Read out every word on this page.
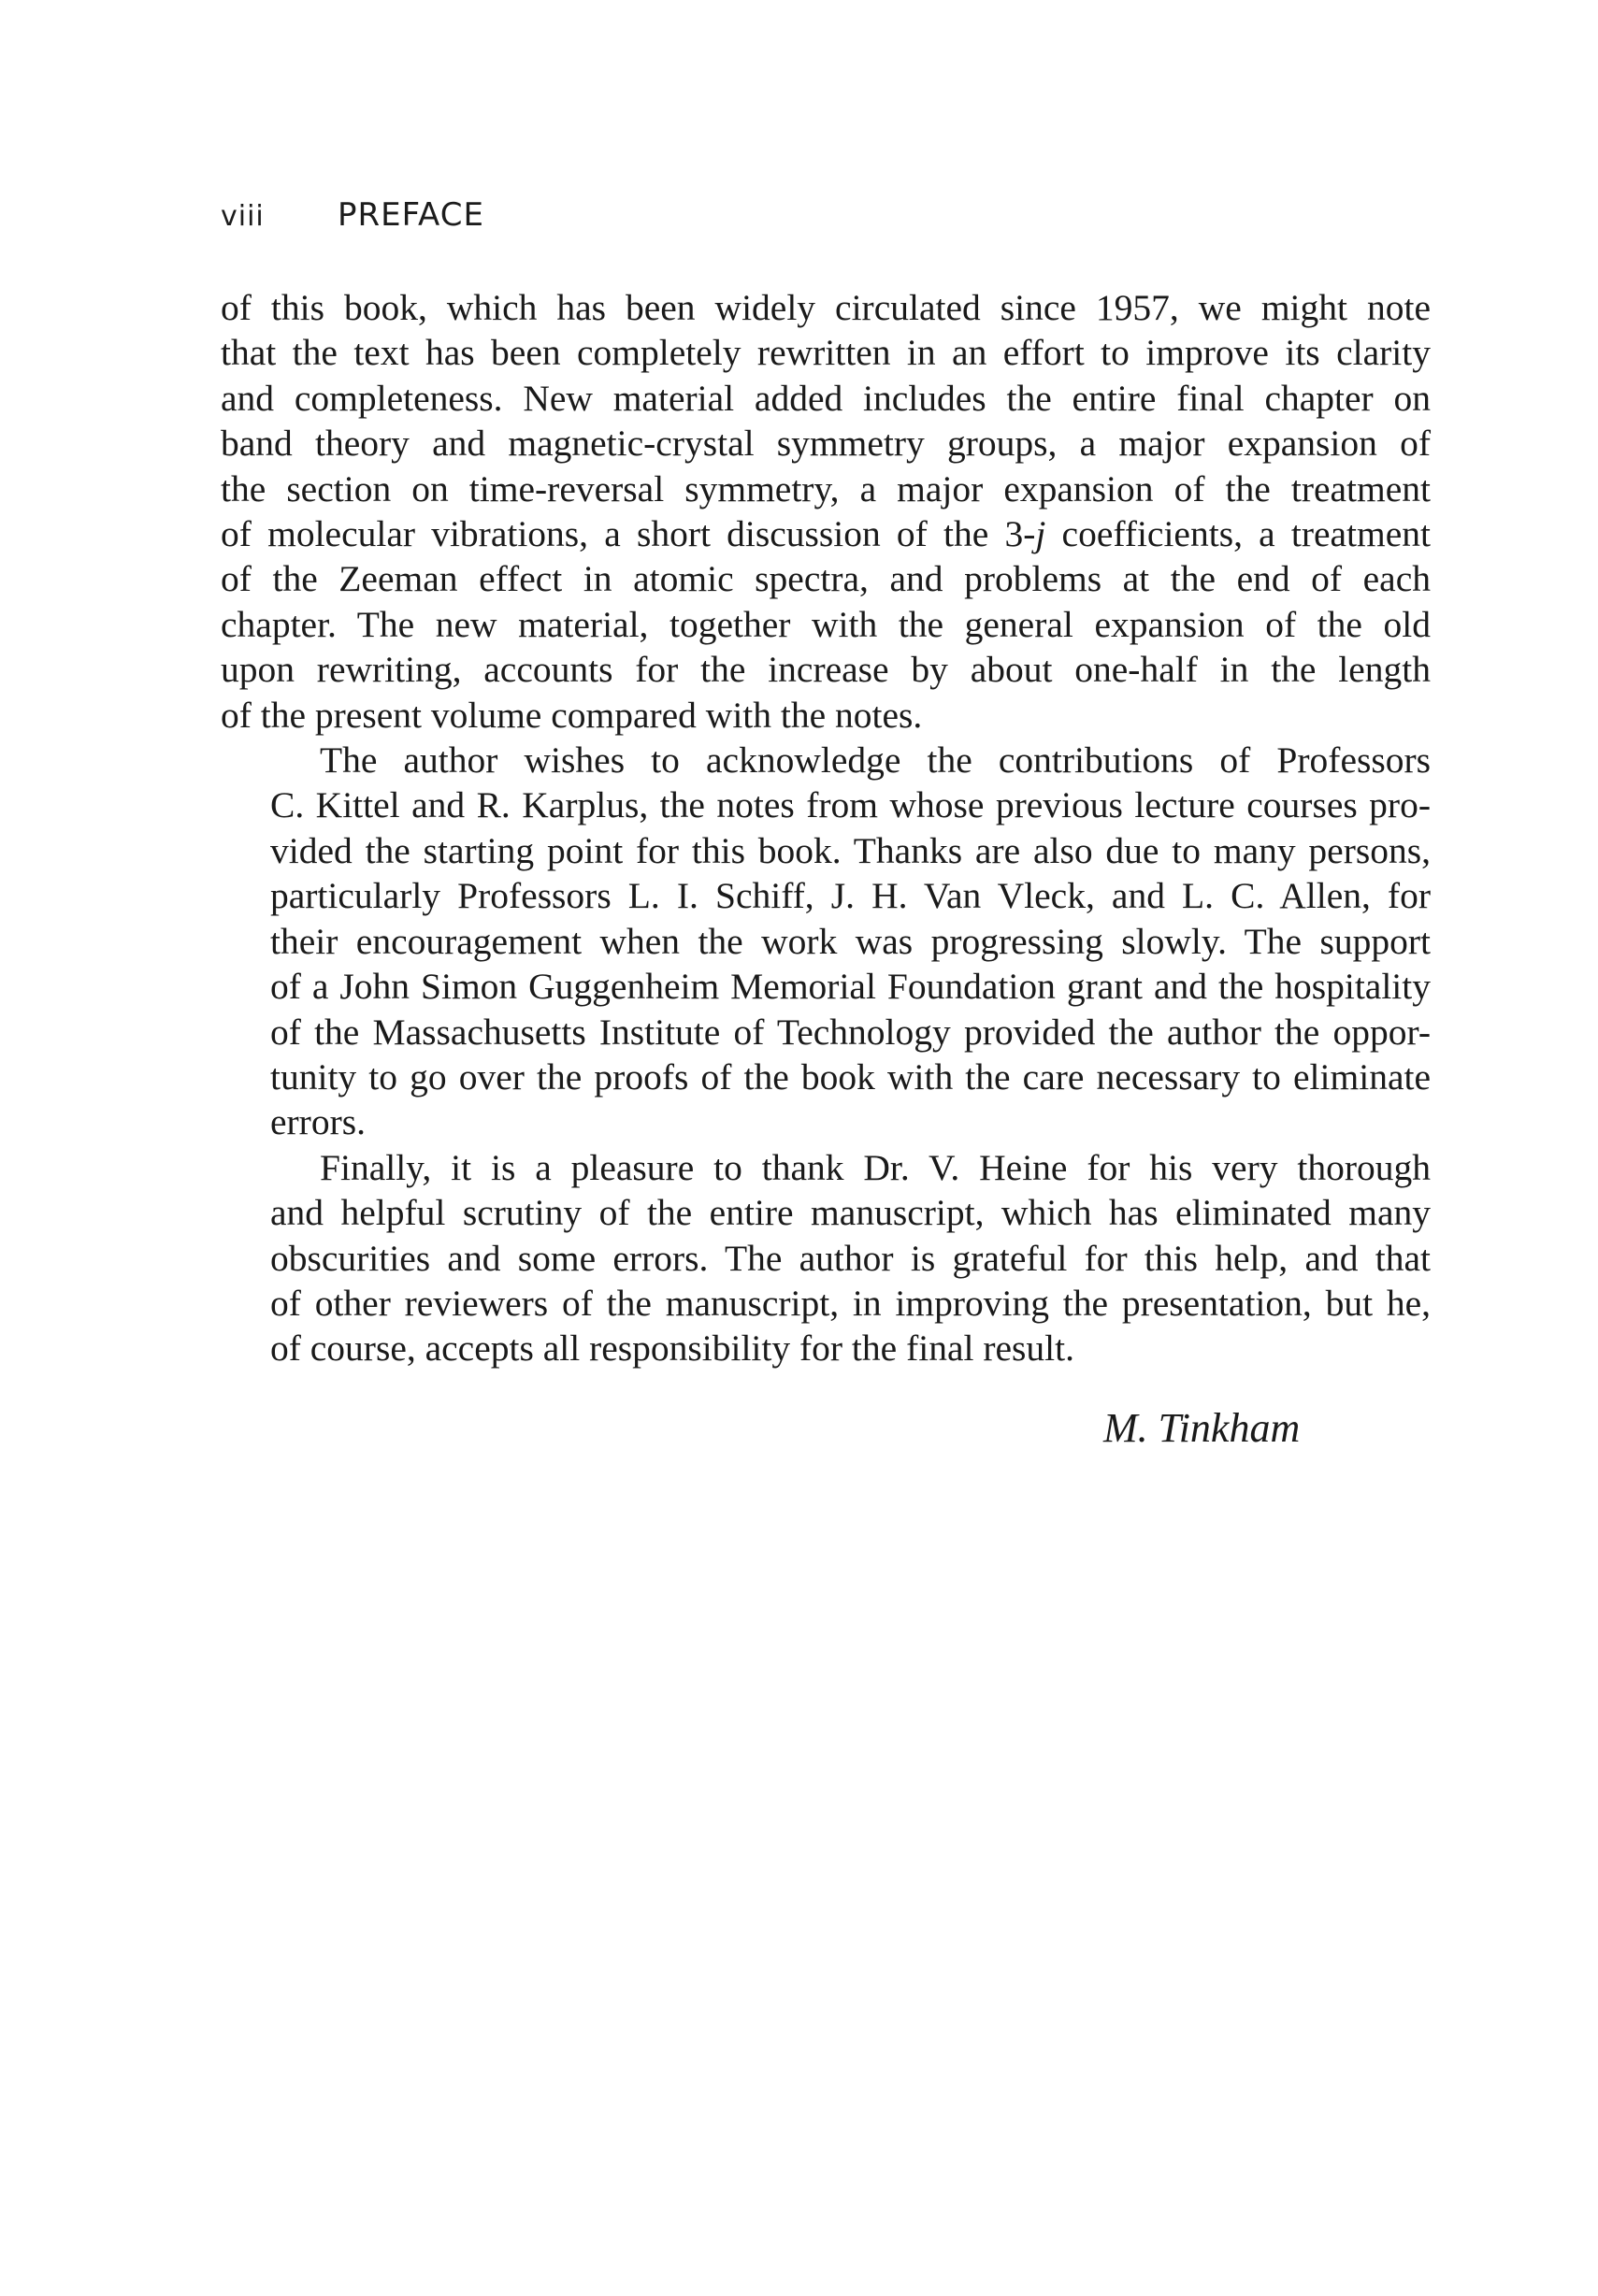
viii PREFACE
of this book, which has been widely circulated since 1957, we might note
that the text has been completely rewritten in an effort to improve its clarity
and completeness. New material added includes the entire final chapter on
band theory and magnetic-crystal symmetry groups, a major expansion of
the section on time-reversal symmetry, a major expansion of the treatment
of molecular vibrations, a short discussion of the 3-j coefficients, a treatment
of the Zeeman effect in atomic spectra, and problems at the end of each
chapter. The new material, together with the general expansion of the old
upon rewriting, accounts for the increase by about one-half in the length
of the present volume compared with the notes.
The author wishes to acknowledge the contributions of Professors
C. Kittel and R. Karplus, the notes from whose previous lecture courses pro-
vided the starting point for this book. Thanks are also due to many persons,
particularly Professors L. I. Schiff, J. H. Van Vleck, and L. C. Allen, for
their encouragement when the work was progressing slowly. The support
of a John Simon Guggenheim Memorial Foundation grant and the hospitality
of the Massachusetts Institute of Technology provided the author the oppor-
tunity to go over the proofs of the book with the care necessary to eliminate
errors.
Finally, it is a pleasure to thank Dr. V. Heine for his very thorough
and helpful scrutiny of the entire manuscript, which has eliminated many
obscurities and some errors. The author is grateful for this help, and that
of other reviewers of the manuscript, in improving the presentation, but he,
of course, accepts all responsibility for the final result.
M. Tinkham
